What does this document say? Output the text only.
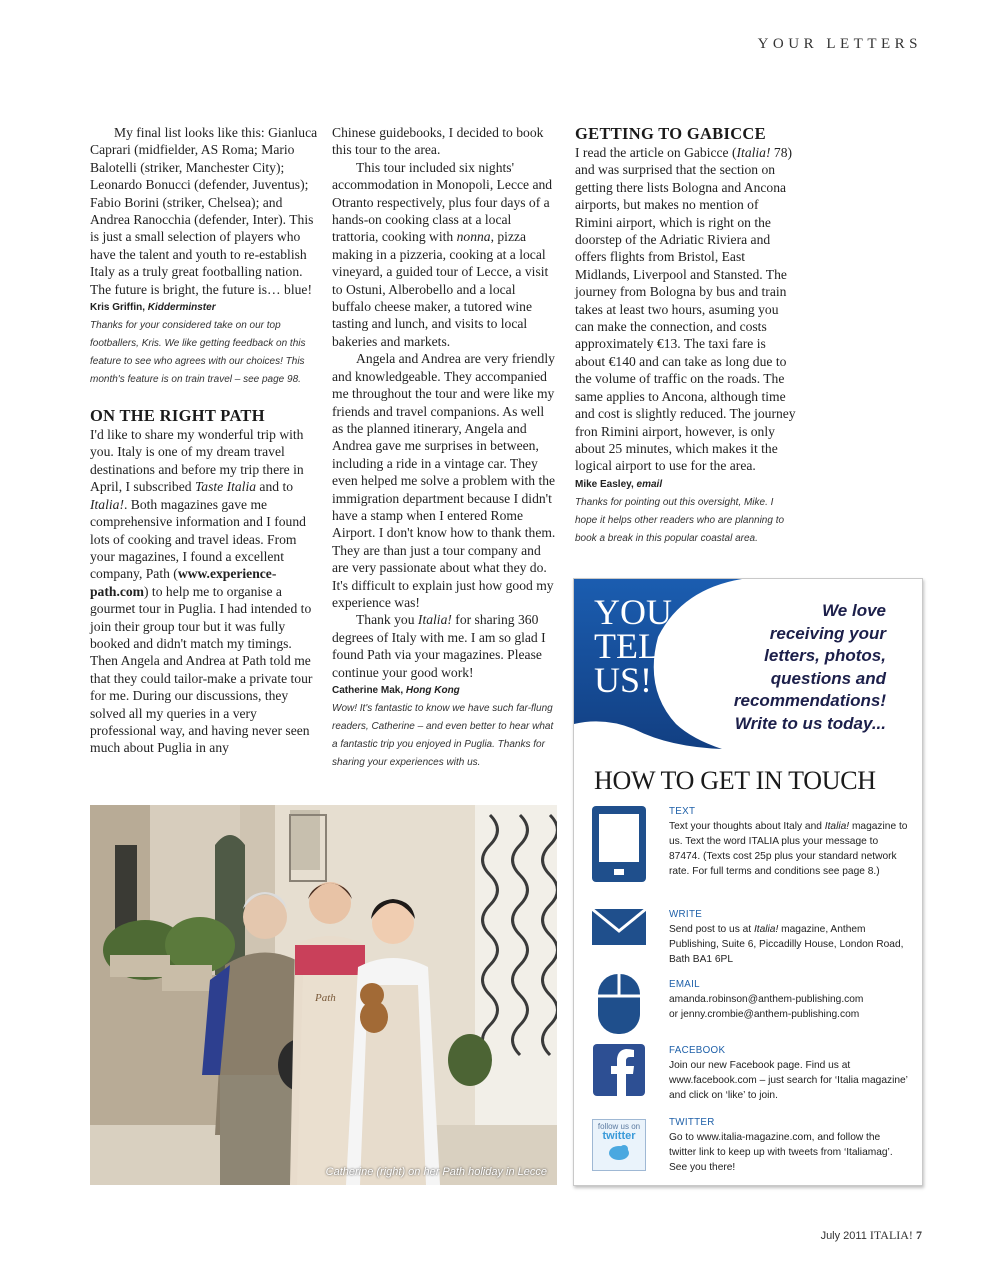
YOUR LETTERS

My final list looks like this: Gianluca Caprari (midfielder, AS Roma; Mario Balotelli (striker, Manchester City); Leonardo Bonucci (defender, Juventus); Fabio Borini (striker, Chelsea); and Andrea Ranocchia (defender, Inter). This is just a small selection of players who have the talent and youth to re-establish Italy as a truly great footballing nation. The future is bright, the future is… blue!

Kris Griffin, Kidderminster
Thanks for your considered take on our top footballers, Kris. We like getting feedback on this feature to see who agrees with our choices! This month's feature is on train travel – see page 98.
ON THE RIGHT PATH

I'd like to share my wonderful trip with you. Italy is one of my dream travel destinations and before my trip there in April, I subscribed Taste Italia and to Italia!. Both magazines gave me comprehensive information and I found lots of cooking and travel ideas. From your magazines, I found a excellent company, Path (www.experience-path.com) to help me to organise a gourmet tour in Puglia. I had intended to join their group tour but it was fully booked and didn't match my timings. Then Angela and Andrea at Path told me that they could tailor-make a private tour for me. During our discussions, they solved all my queries in a very professional way, and having never seen much about Puglia in any

Chinese guidebooks, I decided to book this tour to the area.

This tour included six nights' accommodation in Monopoli, Lecce and Otranto respectively, plus four days of a hands-on cooking class at a local trattoria, cooking with nonna, pizza making in a pizzeria, cooking at a local vineyard, a guided tour of Lecce, a visit to Ostuni, Alberobello and a local buffalo cheese maker, a tutored wine tasting and lunch, and visits to local bakeries and markets.

Angela and Andrea are very friendly and knowledgeable. They accompanied me throughout the tour and were like my friends and travel companions. As well as the planned itinerary, Angela and Andrea gave me surprises in between, including a ride in a vintage car. They even helped me solve a problem with the immigration department because I didn't have a stamp when I entered Rome Airport. I don't know how to thank them. They are than just a tour company and are very passionate about what they do. It's difficult to explain just how good my experience was!

Thank you Italia! for sharing 360 degrees of Italy with me. I am so glad I found Path via your magazines. Please continue your good work!

Catherine Mak, Hong Kong
Wow! It's fantastic to know we have such far-flung readers, Catherine – and even better to hear what a fantastic trip you enjoyed in Puglia. Thanks for sharing your experiences with us.
GETTING TO GABICCE

I read the article on Gabicce (Italia! 78) and was surprised that the section on getting there lists Bologna and Ancona airports, but makes no mention of Rimini airport, which is right on the doorstep of the Adriatic Riviera and offers flights from Bristol, East Midlands, Liverpool and Stansted. The journey from Bologna by bus and train takes at least two hours, asuming you can make the connection, and costs approximately €13. The taxi fare is about €140 and can take as long due to the volume of traffic on the roads. The same applies to Ancona, although time and cost is slightly reduced. The journey fron Rimini airport, however, is only about 25 minutes, which makes it the logical airport to use for the area.

Mike Easley, email
Thanks for pointing out this oversight, Mike. I hope it helps other readers who are planning to book a break in this popular coastal area.
Path
Catherine (right) on her Path holiday in Lecce
YOU
TELL
US!
We love
receiving your
letters, photos,
questions and
recommendations!
Write to us today...
HOW TO GET IN TOUCH
TEXT
Text your thoughts about Italy and Italia! magazine to us. Text the word ITALIA plus your message to 87474. (Texts cost 25p plus your standard network rate. For full terms and conditions see page 8.)
WRITE
Send post to us at Italia! magazine, Anthem Publishing, Suite 6, Piccadilly House, London Road, Bath BA1 6PL
EMAIL
amanda.robinson@anthem-publishing.com
or jenny.crombie@anthem-publishing.com
FACEBOOK
Join our new Facebook page. Find us at www.facebook.com – just search for ‘Italia magazine’ and click on ‘like’ to join.
follow us on
twitter
TWITTER
Go to www.italia-magazine.com, and follow the twitter link to keep up with tweets from ‘Italiamag’. See you there!
July 2011 ITALIA! 7
